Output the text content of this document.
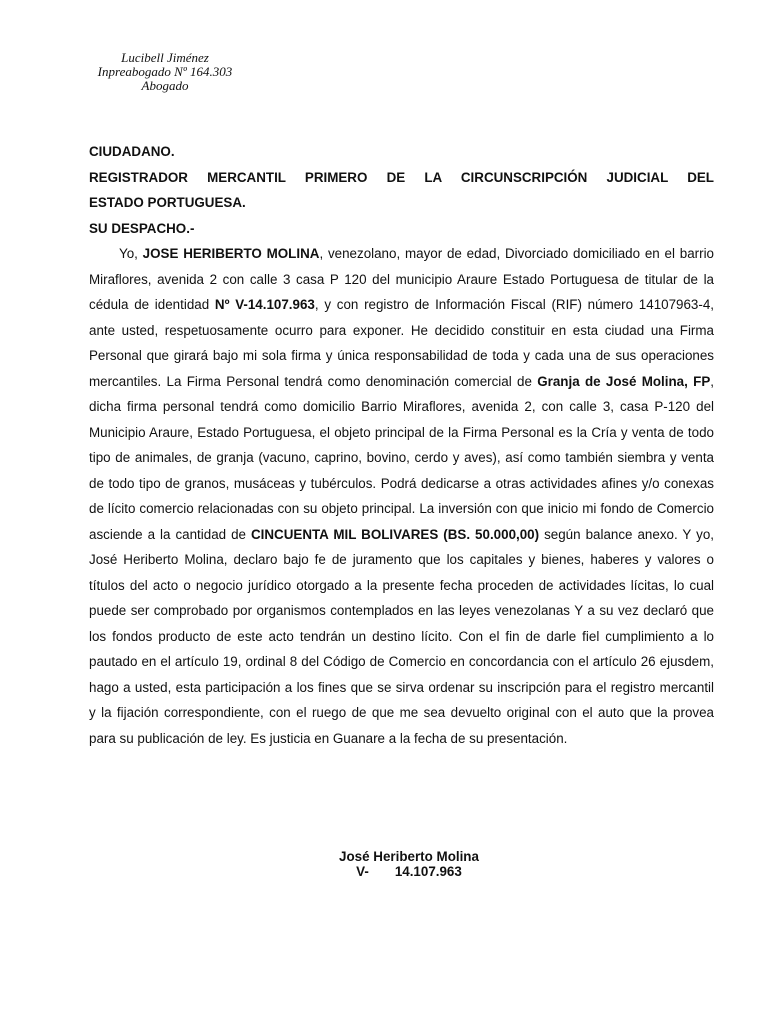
Lucibell Jiménez
Inpreabogado Nº 164.303
Abogado
CIUDADANO.
REGISTRADOR MERCANTIL PRIMERO DE LA CIRCUNSCRIPCIÓN JUDICIAL DEL
ESTADO PORTUGUESA.
SU DESPACHO.-

Yo, JOSE HERIBERTO MOLINA, venezolano, mayor de edad, Divorciado domiciliado en el barrio Miraflores, avenida 2 con calle 3 casa P 120 del municipio Araure Estado Portuguesa de titular de la cédula de identidad Nº V-14.107.963, y con registro de Información Fiscal (RIF) número 14107963-4, ante usted, respetuosamente ocurro para exponer. He decidido constituir en esta ciudad una Firma Personal que girará bajo mi sola firma y única responsabilidad de toda y cada una de sus operaciones mercantiles. La Firma Personal tendrá como denominación comercial de Granja de José Molina, FP, dicha firma personal tendrá como domicilio Barrio Miraflores, avenida 2, con calle 3, casa P-120 del Municipio Araure, Estado Portuguesa, el objeto principal de la Firma Personal es la Cría y venta de todo tipo de animales, de granja (vacuno, caprino, bovino, cerdo y aves), así como también siembra y venta de todo tipo de granos, musáceas y tubérculos. Podrá dedicarse a otras actividades afines y/o conexas de lícito comercio relacionadas con su objeto principal. La inversión con que inicio mi fondo de Comercio asciende a la cantidad de CINCUENTA MIL BOLIVARES (BS. 50.000,00) según balance anexo. Y yo, José Heriberto Molina, declaro bajo fe de juramento que los capitales y bienes, haberes y valores o títulos del acto o negocio jurídico otorgado a la presente fecha proceden de actividades lícitas, lo cual puede ser comprobado por organismos contemplados en las leyes venezolanas Y a su vez declaró que los fondos producto de este acto tendrán un destino lícito. Con el fin de darle fiel cumplimiento a lo pautado en el artículo 19, ordinal 8 del Código de Comercio en concordancia con el artículo 26 ejusdem, hago a usted, esta participación a los fines que se sirva ordenar su inscripción para el registro mercantil y la fijación correspondiente, con el ruego de que me sea devuelto original con el auto que la provea para su publicación de ley. Es justicia en Guanare a la fecha de su presentación.

José Heriberto Molina
V- 14.107.963
